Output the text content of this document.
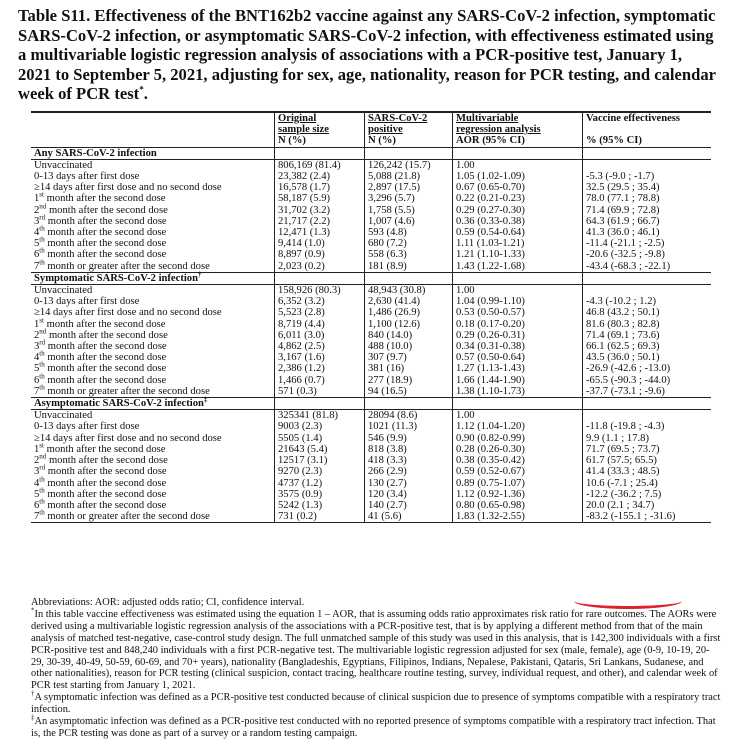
Table S11. Effectiveness of the BNT162b2 vaccine against any SARS-CoV-2 infection, symptomatic SARS-CoV-2 infection, or asymptomatic SARS-CoV-2 infection, with effectiveness estimated using a multivariable logistic regression analysis of associations with a PCR-positive test, January 1, 2021 to September 5, 2021, adjusting for sex, age, nationality, reason for PCR testing, and calendar week of PCR test*.
	Original	SARS-CoV-2	Multivariable	Vaccine effectiveness
	sample size	positive	regression analysis	
	N (%)	N (%)	AOR (95% CI)	% (95% CI)
Any SARS-CoV-2 infection				
Unvaccinated	806,169 (81.4)	126,242 (15.7)	1.00	
0-13 days after first dose	23,382 (2.4)	5,088 (21.8)	1.05 (1.02-1.09)	-5.3 (-9.0 ; -1.7)
≥14 days after first dose and no second dose	16,578 (1.7)	2,897 (17.5)	0.67 (0.65-0.70)	32.5 (29.5 ; 35.4)
1st month after the second dose	58,187 (5.9)	3,296 (5.7)	0.22 (0.21-0.23)	78.0 (77.1 ; 78.8)
2nd month after the second dose	31,702 (3.2)	1,758 (5.5)	0.29 (0.27-0.30)	71.4 (69.9 ; 72.8)
3rd month after the second dose	21,717 (2.2)	1,007 (4.6)	0.36 (0.33-0.38)	64.3 (61.9 ; 66.7)
4th month after the second dose	12,471 (1.3)	593 (4.8)	0.59 (0.54-0.64)	41.3 (36.0 ; 46.1)
5th month after the second dose	9,414 (1.0)	680 (7.2)	1.11 (1.03-1.21)	-11.4 (-21.1 ; -2.5)
6th month after the second dose	8,897 (0.9)	558 (6.3)	1.21 (1.10-1.33)	-20.6 (-32.5 ; -9.8)
7th month or greater after the second dose	2,023 (0.2)	181 (8.9)	1.43 (1.22-1.68)	-43.4 (-68.3 ; -22.1)
Symptomatic SARS-CoV-2 infection†				
Unvaccinated	158,926 (80.3)	48,943 (30.8)	1.00	
0-13 days after first dose	6,352 (3.2)	2,630 (41.4)	1.04 (0.99-1.10)	-4.3 (-10.2 ; 1.2)
≥14 days after first dose and no second dose	5,523 (2.8)	1,486 (26.9)	0.53 (0.50-0.57)	46.8 (43.2 ; 50.1)
1st month after the second dose	8,719 (4.4)	1,100 (12.6)	0.18 (0.17-0.20)	81.6 (80.3 ; 82.8)
2nd month after the second dose	6,011 (3.0)	840 (14.0)	0.29 (0.26-0.31)	71.4 (69.1 ; 73.6)
3rd month after the second dose	4,862 (2.5)	488 (10.0)	0.34 (0.31-0.38)	66.1 (62.5 ; 69.3)
4th month after the second dose	3,167 (1.6)	307 (9.7)	0.57 (0.50-0.64)	43.5 (36.0 ; 50.1)
5th month after the second dose	2,386 (1.2)	381 (16)	1.27 (1.13-1.43)	-26.9 (-42.6 ; -13.0)
6th month after the second dose	1,466 (0.7)	277 (18.9)	1.66 (1.44-1.90)	-65.5 (-90.3 ; -44.0)
7th month or greater after the second dose	571 (0.3)	94 (16.5)	1.38 (1.10-1.73)	-37.7 (-73.1 ; -9.6)
Asymptomatic SARS-CoV-2 infection‡				
Unvaccinated	325341 (81.8)	28094 (8.6)	1.00	
0-13 days after first dose	9003 (2.3)	1021 (11.3)	1.12 (1.04-1.20)	-11.8 (-19.8 ; -4.3)
≥14 days after first dose and no second dose	5505 (1.4)	546 (9.9)	0.90 (0.82-0.99)	9.9 (1.1 ; 17.8)
1st month after the second dose	21643 (5.4)	818 (3.8)	0.28 (0.26-0.30)	71.7 (69.5 ; 73.7)
2nd month after the second dose	12517 (3.1)	418 (3.3)	0.38 (0.35-0.42)	61.7 (57.5; 65.5)
3rd month after the second dose	9270 (2.3)	266 (2.9)	0.59 (0.52-0.67)	41.4 (33.3 ; 48.5)
4th month after the second dose	4737 (1.2)	130 (2.7)	0.89 (0.75-1.07)	10.6 (-7.1 ; 25.4)
5th month after the second dose	3575 (0.9)	120 (3.4)	1.12 (0.92-1.36)	-12.2 (-36.2 ; 7.5)
6th month after the second dose	5242 (1.3)	140 (2.7)	0.80 (0.65-0.98)	20.0 (2.1 ; 34.7)
7th month or greater after the second dose	731 (0.2)	41 (5.6)	1.83 (1.32-2.55)	-83.2 (-155.1 ; -31.6)

Abbreviations: AOR: adjusted odds ratio; CI, confidence interval.

*In this table vaccine effectiveness was estimated using the equation 1 – AOR, that is assuming odds ratio approximates risk ratio for rare outcomes. The AORs were derived using a multivariable logistic regression analysis of the associations with a PCR-positive test, that is by applying a different method from that of the main analysis of matched test-negative, case-control study design. The full unmatched sample of this study was used in this analysis, that is 142,300 individuals with a first PCR-positive test and 848,240 individuals with a first PCR-negative test. The multivariable logistic regression adjusted for sex (male, female), age (0-9, 10-19, 20-29, 30-39, 40-49, 50-59, 60-69, and 70+ years), nationality (Bangladeshis, Egyptians, Filipinos, Indians, Nepalese, Pakistani, Qataris, Sri Lankans, Sudanese, and other nationalities), reason for PCR testing (clinical suspicion, contact tracing, healthcare routine testing, survey, individual request, and other), and calendar week of PCR test starting from January 1, 2021.

†A symptomatic infection was defined as a PCR-positive test conducted because of clinical suspicion due to presence of symptoms compatible with a respiratory tract infection.

‡An asymptomatic infection was defined as a PCR-positive test conducted with no reported presence of symptoms compatible with a respiratory tract infection. That is, the PCR testing was done as part of a survey or a random testing campaign.
